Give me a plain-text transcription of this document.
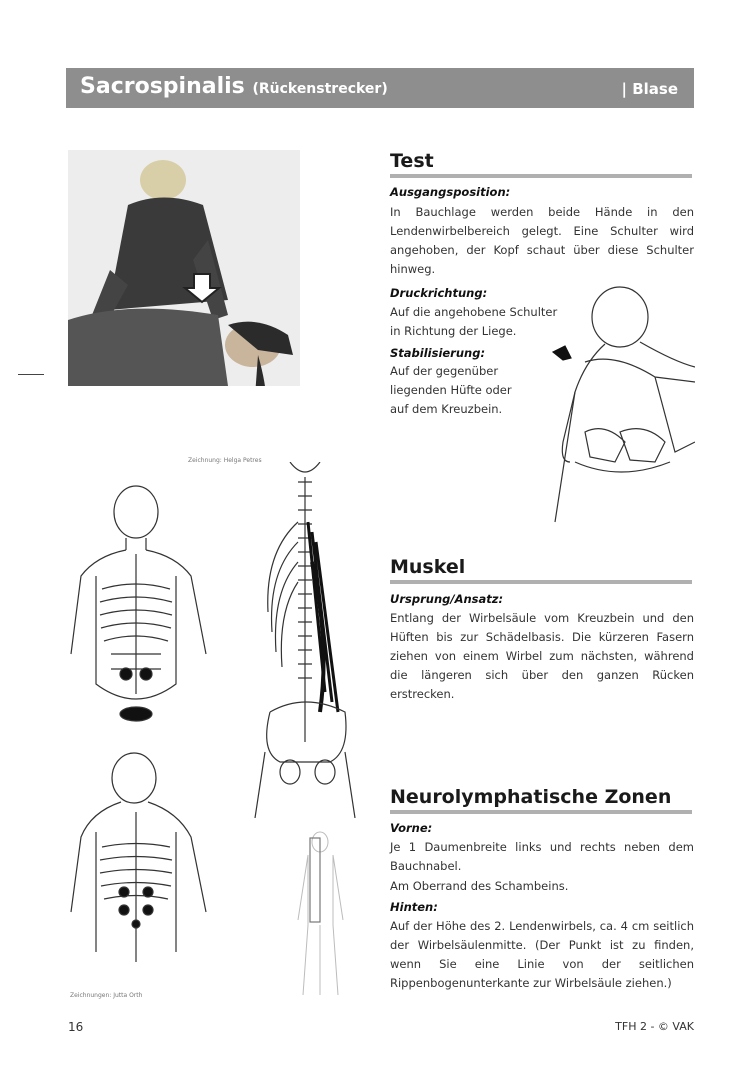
Sacrospinalis (Rückenstrecker)	| Blase
Zeichnung: Helga Petres
Zeichnungen: Jutta Orth
Test
Ausgangsposition:
In Bauchlage werden beide Hände in den Lendenwirbelbereich gelegt. Eine Schulter wird angehoben, der Kopf schaut über diese Schulter hinweg.
Druckrichtung:
Auf die angehobene Schulter
in Richtung der Liege.
Stabilisierung:
Auf der gegenüber
liegenden Hüfte oder
auf dem Kreuzbein.
Muskel
Ursprung/Ansatz:
Entlang der Wirbelsäule vom Kreuzbein und den Hüften bis zur Schädelbasis. Die kürzeren Fasern ziehen von einem Wirbel zum nächsten, während die längeren sich über den ganzen Rücken erstrecken.
Neurolymphatische Zonen
Vorne:
Je 1 Daumenbreite links und rechts neben dem Bauchnabel.
Am Oberrand des Schambeins.
Hinten:
Auf der Höhe des 2. Lendenwirbels, ca. 4 cm seitlich der Wirbelsäulenmitte. (Der Punkt ist zu finden, wenn Sie eine Linie von der seitlichen Rippenbogenunterkante zur Wirbelsäule ziehen.)
16	TFH 2 - © VAK
